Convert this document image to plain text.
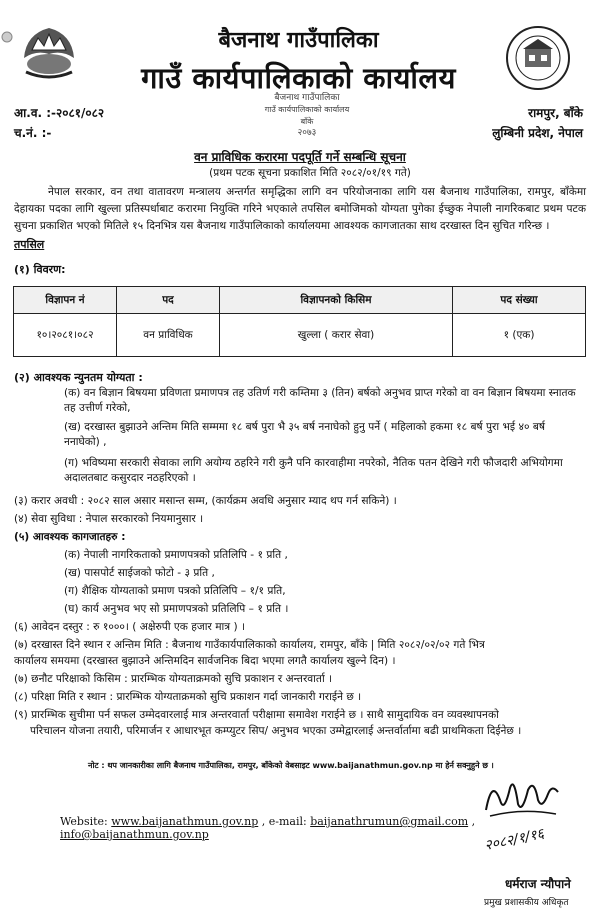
बैजनाथ गाउँपालिका
गाउँ कार्यपालिकाको कार्यालय
बैजनाथ गाउँपालिका
गाउँ कार्यपालिकाको कार्यालय
बाँके
२०७३
आ.व. :-२०८१/०८२
च.नं. :-
रामपुर, बाँके
लुम्बिनी प्रदेश, नेपाल
वन प्राविधिक करारमा पदपूर्ति गर्ने सम्बन्धि सूचना
(प्रथम पटक सूचना प्रकाशित मिति २०८२/०१/१९ गते)
नेपाल सरकार, वन तथा वातावरण मन्त्रालय अन्तर्गत समृद्धिका लागि वन परियोजनाका लागि यस बैजनाथ गाउँपालिका, रामपुर, बाँकेमा देहायका पदका लागि खुल्ला प्रतिस्पर्धाबाट करारमा नियुक्ति गरिने भएकाले तपसिल बमोजिमको योग्यता पुगेका ईच्छुक नेपाली नागरिकबाट प्रथम पटक सुचना प्रकाशित भएको मितिले १५ दिनभित्र यस बैजनाथ गाउँपालिकाको कार्यालयमा आवश्यक कागजातका साथ दरखास्त दिन सुचित गरिन्छ ।
तपसिल
(१) विवरण:
विज्ञापन नं	पद	विज्ञापनको किसिम	पद संख्या
१०।२०८१।०८२	वन प्राविधिक	खुल्ला ( करार सेवा)	१ (एक)
(२) आवश्यक न्युनतम योग्यता :
(क) वन बिज्ञान बिषयमा प्रविणता प्रमाणपत्र तह उतिर्ण गरी कम्तिमा ३ (तिन) बर्षको अनुभव प्राप्त गरेको वा वन बिज्ञान बिषयमा स्नातक तह उत्तीर्ण गरेको,
(ख) दरखास्त बुझाउने अन्तिम मिति सम्ममा १८ बर्ष पुरा भै ३५ बर्ष ननाघेको हुनु पर्ने ( महिलाको हकमा १८ बर्ष पुरा भई ४० बर्ष ननाघेको) ,
(ग) भविष्यमा सरकारी सेवाका लागि अयोग्य ठहरिने गरी कुनै पनि कारवाहीमा नपरेको, नैतिक पतन देखिने गरी फौजदारी अभियोगमा अदालतबाट कसुरदार नठहरिएको ।
(३) करार अवधी : २०८२ साल असार मसान्त सम्म, (कार्यक्रम अवधि अनुसार म्याद थप गर्न सकिने) ।
(४) सेवा सुविधा : नेपाल सरकारको नियमानुसार ।
(५) आवश्यक कागजातहरु :
(क) नेपाली नागरिकताको प्रमाणपत्रको प्रतिलिपि - १ प्रति ,
(ख) पासपोर्ट साईजको फोटो - ३ प्रति ,
(ग) शैक्षिक योग्यताको प्रमाण पत्रको प्रतिलिपि – १/१ प्रति,
(घ) कार्य अनुभव भए सो प्रमाणपत्रको प्रतिलिपि – १ प्रति ।
(६) आवेदन दस्तुर : रु १०००। ( अक्षेरुपी एक हजार मात्र ) ।
(७) दरखास्त दिने स्थान र अन्तिम मिति : बैजनाथ गाउँकार्यपालिकाको कार्यालय, रामपुर, बाँके | मिति २०८२/०२/०२ गते भित्र
कार्यालय समयमा (दरखास्त बुझाउने अन्तिमदिन सार्वजनिक बिदा भएमा लगतै कार्यालय खुल्ने दिन) ।
(७) छनौट परिक्षाको किसिम : प्रारम्भिक योग्यताक्रमको सुचि प्रकाशन र अन्तरवार्ता ।
(८) परिक्षा मिति र स्थान : प्रारम्भिक योग्यताक्रमको सुचि प्रकाशन गर्दा जानकारी गराईने छ ।
(९) प्रारम्भिक सुचीमा पर्न सफल उम्मेदवारलाई मात्र अन्तरवार्ता परीक्षामा समावेश गराईने छ । साथै सामुदायिक वन व्यवस्थापनको
परिचालन योजना तयारी, परिमार्जन र आधारभूत कम्प्युटर सिप/ अनुभव भएका उम्मेद्वारलाई अन्तर्वार्तामा बढी प्राथमिकता दिईनेछ ।
नोट : थप जानकारीका लागि बैजनाथ गाउँपालिका, रामपुर, बाँकेको वेबसाइट www.baijanathmun.gov.np मा हेर्न सक्नुहुने छ ।
Website: www.baijanathmun.gov.np , e-mail: baijanathrumun@gmail.com , info@baijanathmun.gov.np	२०८२/१/१६
धर्मराज न्यौपाने
प्रमुख प्रशासकीय अधिकृत
